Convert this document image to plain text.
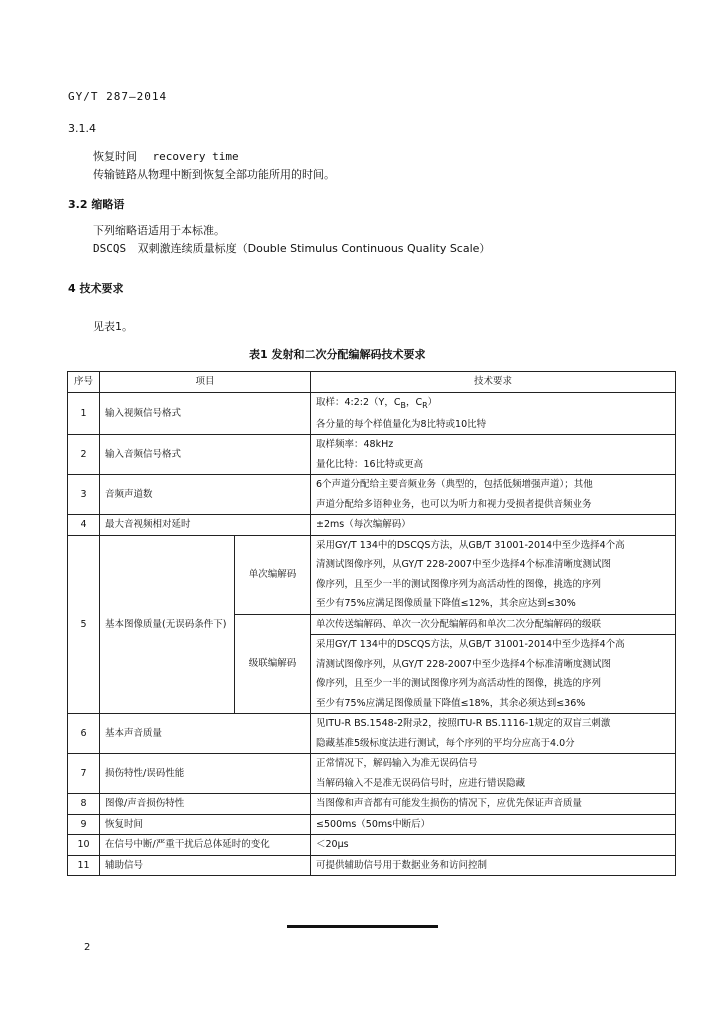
GY/T 287—2014
3.1.4
恢复时间 recovery time
传输链路从物理中断到恢复全部功能所用的时间。
3.2 缩略语
下列缩略语适用于本标准。
DSCQS 双刺激连续质量标度（Double Stimulus Continuous Quality Scale）
4 技术要求
见表1。
表1 发射和二次分配编解码技术要求
序号	项目		技术要求
1	输入视频信号格式		取样：4:2:2（Y，$C_B$，$C_R$）
各分量的每个样值量化为8比特或10比特
2	输入音频信号格式		取样频率：48kHz
量化比特：16比特或更高
3	音频声道数		6个声道分配给主要音频业务（典型的，包括低频增强声道）；其他
声道分配给多语种业务，也可以为听力和视力受损者提供音频业务
4	最大音视频相对延时		±2ms（每次编解码）
5	基本图像质量(无误码条件下)	单次编解码	采用GY/T 134中的DSCQS方法，从GB/T 31001-2014中至少选择4个高
清测试图像序列，从GY/T 228-2007中至少选择4个标准清晰度测试图
像序列，且至少一半的测试图像序列为高活动性的图像，挑选的序列
至少有75%应满足图像质量下降值≤12%，其余应达到≤30%
		级联编解码	单次传送编解码、单次一次分配编解码和单次二次分配编解码的级联
采用GY/T 134中的DSCQS方法，从GB/T 31001-2014中至少选择4个高
清测试图像序列，从GY/T 228-2007中至少选择4个标准清晰度测试图
像序列，且至少一半的测试图像序列为高活动性的图像，挑选的序列
至少有75%应满足图像质量下降值≤18%，其余必须达到≤36%

6	基本声音质量		见ITU-R BS.1548-2附录2，按照ITU-R BS.1116-1规定的双盲三刺激
隐藏基准5级标度法进行测试，每个序列的平均分应高于4.0分
7	损伤特性/误码性能		正常情况下，解码输入为准无误码信号
当解码输入不是准无误码信号时，应进行错误隐藏
8	图像/声音损伤特性		当图像和声音都有可能发生损伤的情况下，应优先保证声音质量
9	恢复时间		≤500ms（50ms中断后）
10	在信号中断/严重干扰后总体延时的变化		＜20μs
11	辅助信号		可提供辅助信号用于数据业务和访问控制
2
